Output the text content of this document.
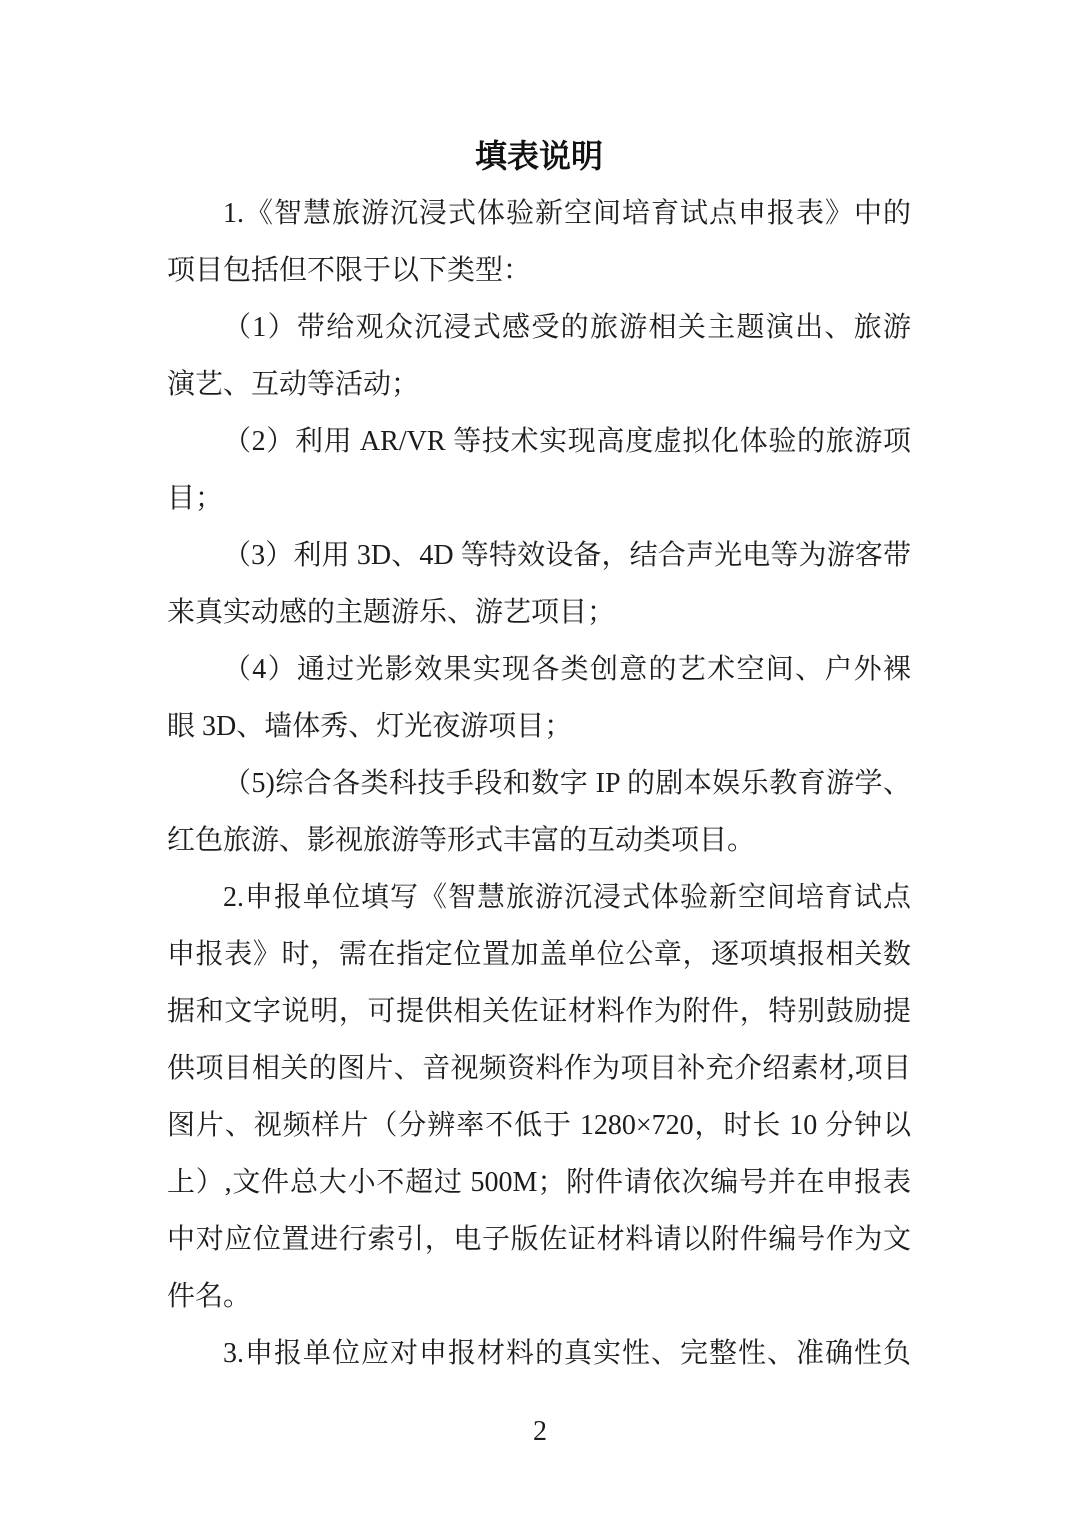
填表说明
1.《智慧旅游沉浸式体验新空间培育试点申报表》中的
项目包括但不限于以下类型：
（1）带给观众沉浸式感受的旅游相关主题演出、旅游
演艺、互动等活动；
（2）利用 AR/VR 等技术实现高度虚拟化体验的旅游项
目；
（3）利用 3D、4D 等特效设备，结合声光电等为游客带
来真实动感的主题游乐、游艺项目；
（4）通过光影效果实现各类创意的艺术空间、户外裸
眼 3D、墙体秀、灯光夜游项目；
（5)综合各类科技手段和数字 IP 的剧本娱乐教育游学、
红色旅游、影视旅游等形式丰富的互动类项目。
2.申报单位填写《智慧旅游沉浸式体验新空间培育试点
申报表》时，需在指定位置加盖单位公章，逐项填报相关数
据和文字说明，可提供相关佐证材料作为附件，特别鼓励提
供项目相关的图片、音视频资料作为项目补充介绍素材,项目
图片、视频样片（分辨率不低于 1280×720，时长 10 分钟以
上）,文件总大小不超过 500M；附件请依次编号并在申报表
中对应位置进行索引，电子版佐证材料请以附件编号作为文
件名。
3.申报单位应对申报材料的真实性、完整性、准确性负
2
